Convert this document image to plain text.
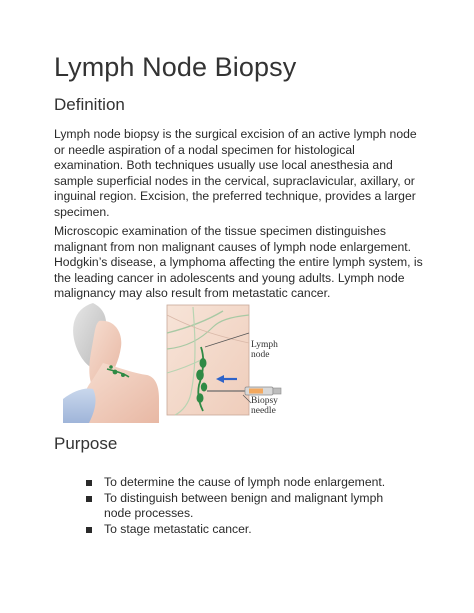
Lymph Node Biopsy
Definition

Lymph node biopsy is the surgical excision of an active lymph node or needle aspiration of a nodal specimen for histological examination. Both techniques usually use local anesthesia and sample superficial nodes in the cervical, supraclavicular, axillary, or inguinal region. Excision, the preferred technique, provides a larger specimen.

Microscopic examination of the tissue specimen distinguishes malignant from non malignant causes of lymph node enlargement. Hodgkin’s disease, a lymphoma affecting the entire lymph system, is the leading cancer in adolescents and young adults. Lymph node malignancy may also result from metastatic cancer.

Lymph
node
Biopsy
needle
Purpose
To determine the cause of lymph node enlargement.
To distinguish between benign and malignant lymph node processes.
To stage metastatic cancer.
